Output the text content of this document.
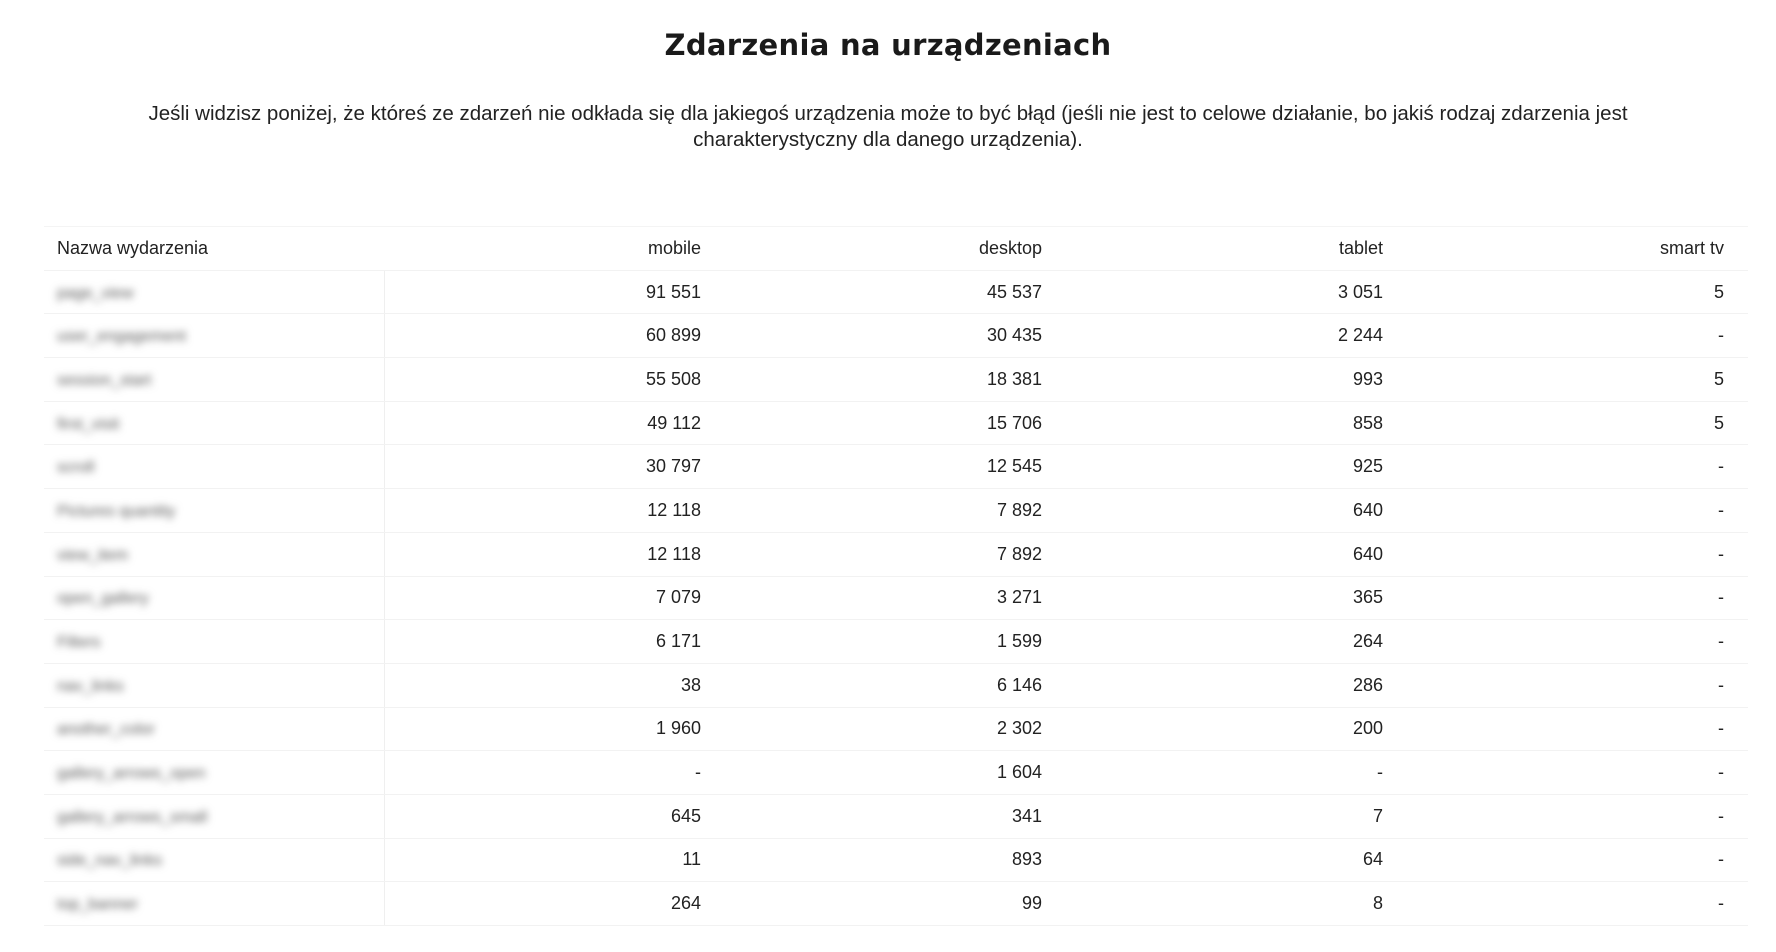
Zdarzenia na urządzeniach
Jeśli widzisz poniżej, że któreś ze zdarzeń nie odkłada się dla jakiegoś urządzenia może to być błąd (jeśli nie jest to celowe działanie, bo jakiś rodzaj zdarzenia jest charakterystyczny dla danego urządzenia).
Nazwa wydarzenia	mobile	desktop	tablet	smart tv
page_view	91 551	45 537	3 051	5
user_engagement	60 899	30 435	2 244	-
session_start	55 508	18 381	993	5
first_visit	49 112	15 706	858	5
scroll	30 797	12 545	925	-
Pictures quantity	12 118	7 892	640	-
view_item	12 118	7 892	640	-
open_gallery	7 079	3 271	365	-
Filters	6 171	1 599	264	-
nav_links	38	6 146	286	-
another_color	1 960	2 302	200	-
gallery_arrows_open	-	1 604	-	-
gallery_arrows_small	645	341	7	-
side_nav_links	11	893	64	-
top_banner	264	99	8	-
